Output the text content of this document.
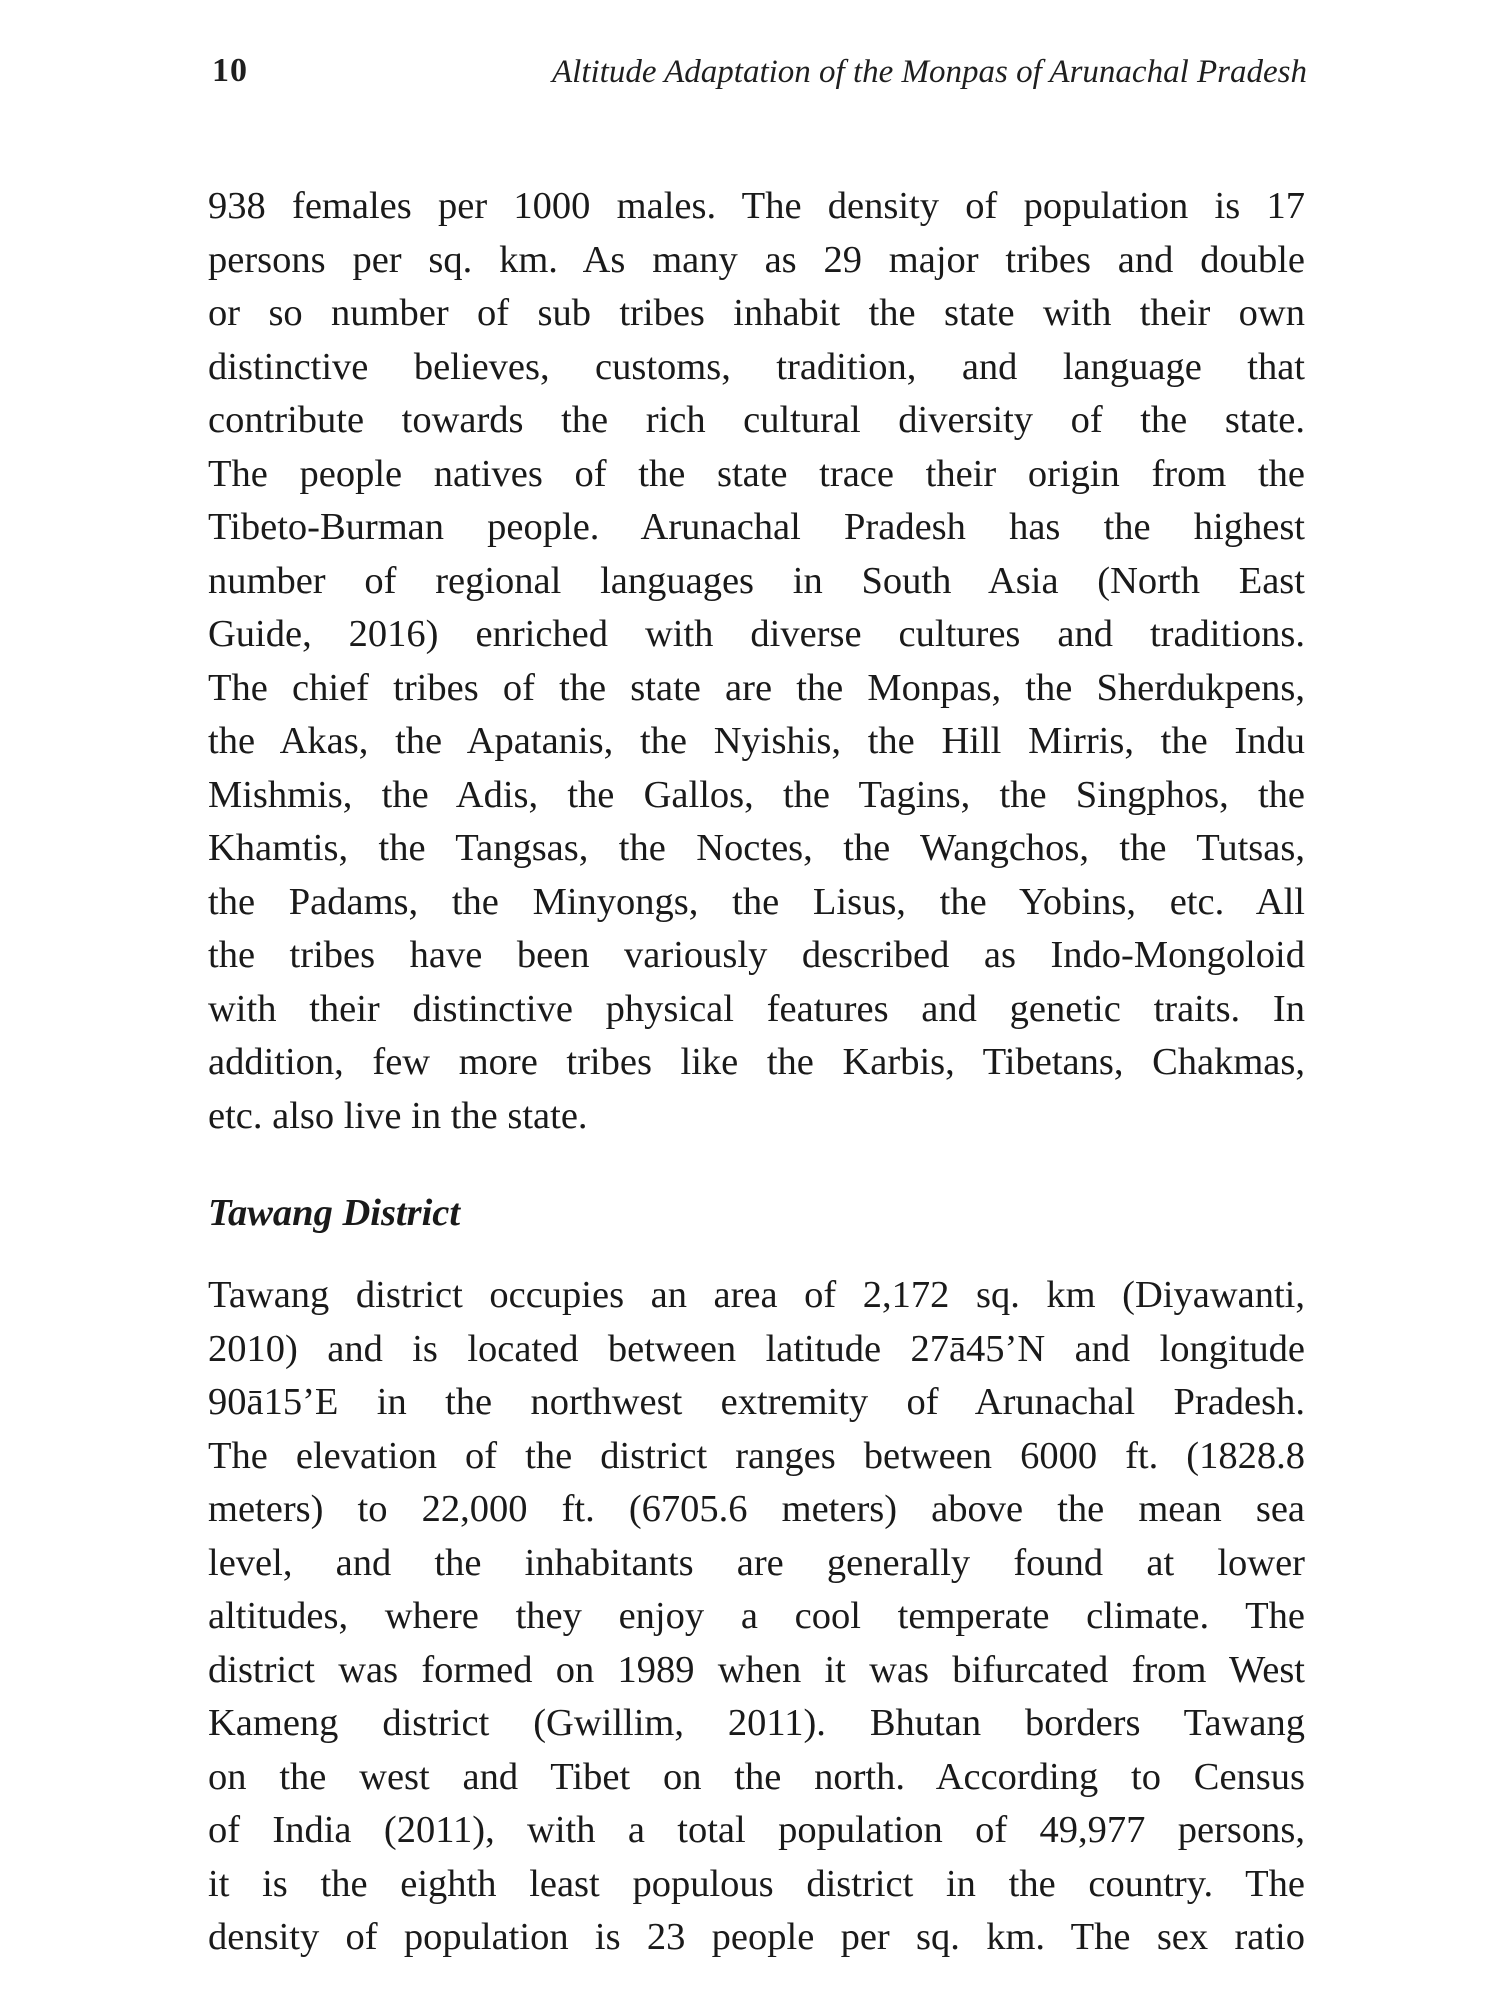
10	Altitude Adaptation of the Monpas of Arunachal Pradesh
938 females per 1000 males. The density of population is 17
persons per sq. km. As many as 29 major tribes and double
or so number of sub tribes inhabit the state with their own
distinctive believes, customs, tradition, and language that
contribute towards the rich cultural diversity of the state.
The people natives of the state trace their origin from the
Tibeto-Burman people. Arunachal Pradesh has the highest
number of regional languages in South Asia (North East
Guide, 2016) enriched with diverse cultures and traditions.
The chief tribes of the state are the Monpas, the Sherdukpens,
the Akas, the Apatanis, the Nyishis, the Hill Mirris, the Indu
Mishmis, the Adis, the Gallos, the Tagins, the Singphos, the
Khamtis, the Tangsas, the Noctes, the Wangchos, the Tutsas,
the Padams, the Minyongs, the Lisus, the Yobins, etc. All
the tribes have been variously described as Indo-Mongoloid
with their distinctive physical features and genetic traits. In
addition, few more tribes like the Karbis, Tibetans, Chakmas,
etc. also live in the state.
Tawang District
Tawang district occupies an area of 2,172 sq. km (Diyawanti,
2010) and is located between latitude 27ā45’N and longitude
90ā15’E in the northwest extremity of Arunachal Pradesh.
The elevation of the district ranges between 6000 ft. (1828.8
meters) to 22,000 ft. (6705.6 meters) above the mean sea
level, and the inhabitants are generally found at lower
altitudes, where they enjoy a cool temperate climate. The
district was formed on 1989 when it was bifurcated from West
Kameng district (Gwillim, 2011). Bhutan borders Tawang
on the west and Tibet on the north. According to Census
of India (2011), with a total population of 49,977 persons,
it is the eighth least populous district in the country. The
density of population is 23 people per sq. km. The sex ratio
